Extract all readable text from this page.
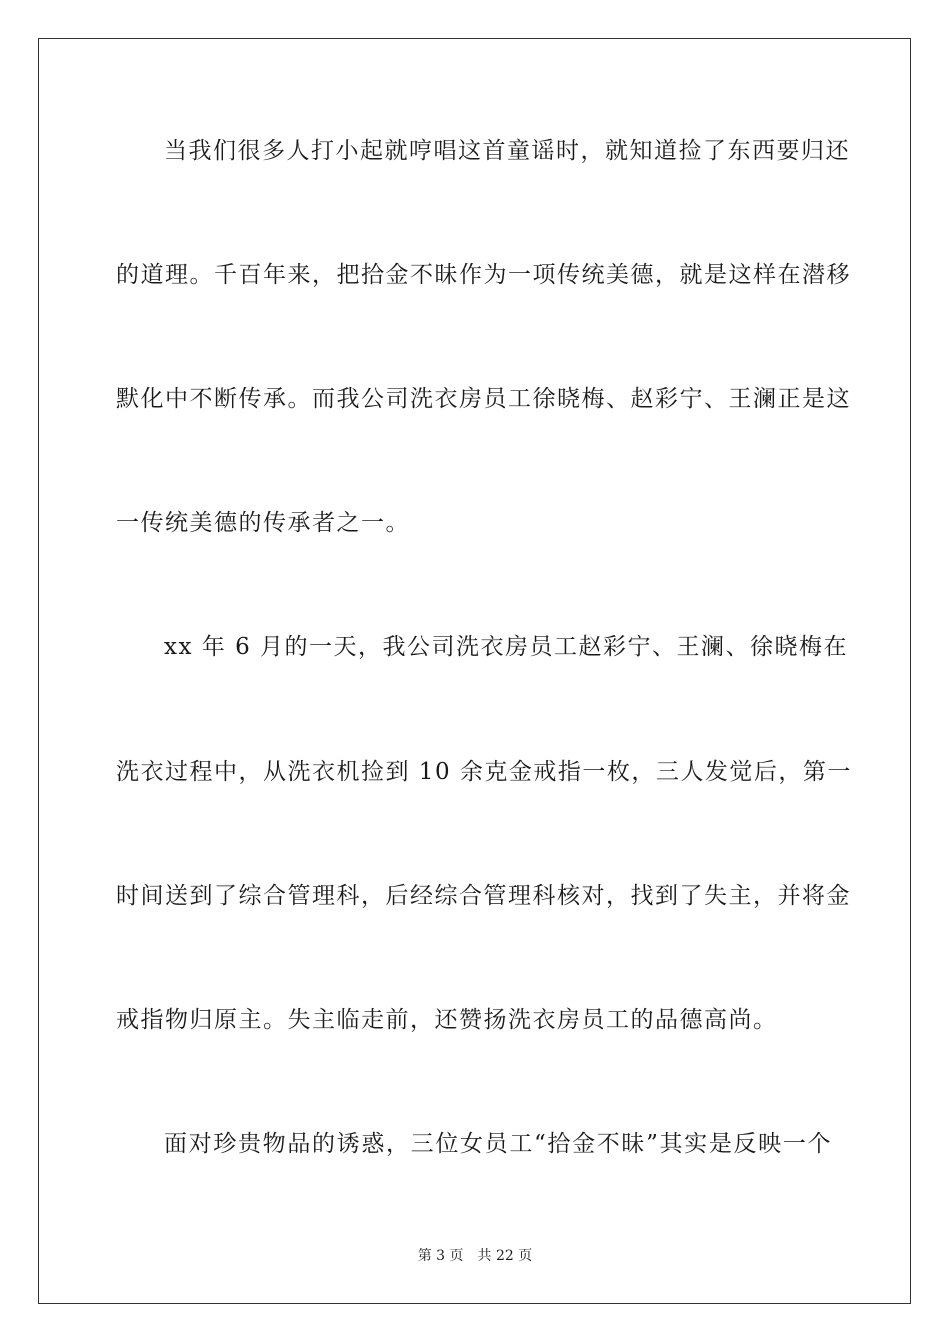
当我们很多人打小起就哼唱这首童谣时，就知道捡了东西要归还
的道理。千百年来，把拾金不昧作为一项传统美德，就是这样在潜移
默化中不断传承。而我公司洗衣房员工徐晓梅、赵彩宁、王澜正是这
一传统美德的传承者之一。
xx 年 6 月的一天，我公司洗衣房员工赵彩宁、王澜、徐晓梅在
洗衣过程中，从洗衣机捡到 10 余克金戒指一枚，三人发觉后，第一
时间送到了综合管理科，后经综合管理科核对，找到了失主，并将金
戒指物归原主。失主临走前，还赞扬洗衣房员工的品德高尚。
面对珍贵物品的诱惑，三位女员工“拾金不昧”其实是反映一个
第 3 页 共 22 页
